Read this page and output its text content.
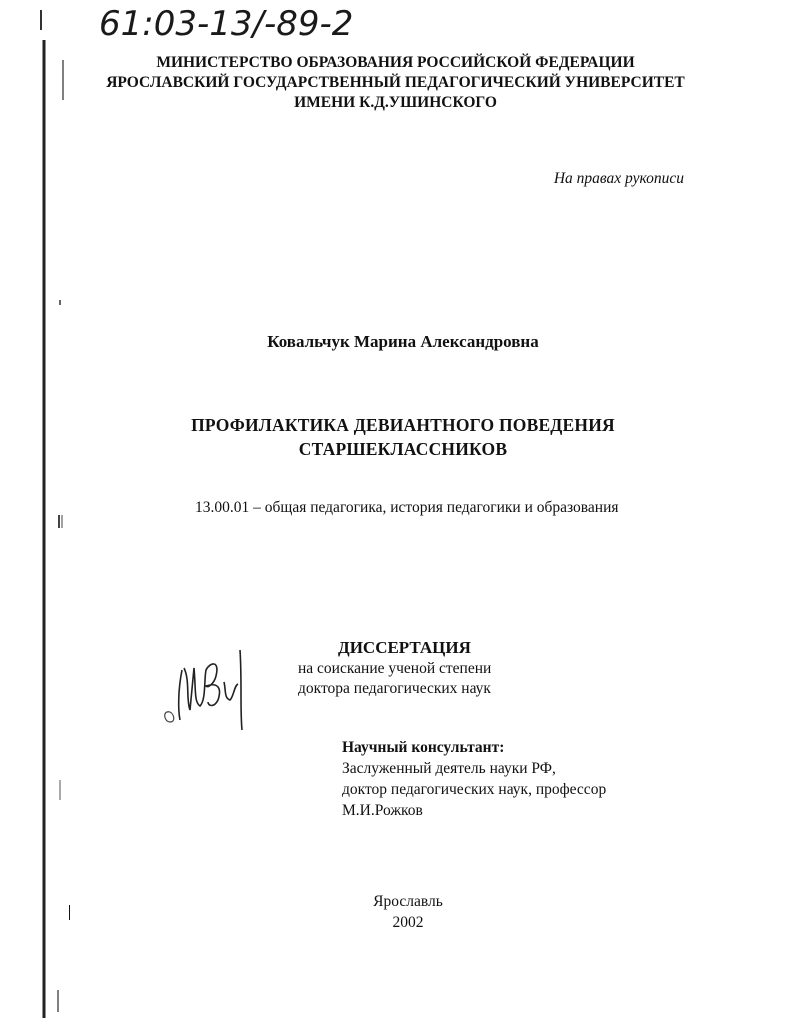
61:03-13/-89-2
МИНИСТЕРСТВО ОБРАЗОВАНИЯ РОССИЙСКОЙ ФЕДЕРАЦИИ
ЯРОСЛАВСКИЙ ГОСУДАРСТВЕННЫЙ ПЕДАГОГИЧЕСКИЙ УНИВЕРСИТЕТ
ИМЕНИ К.Д.УШИНСКОГО
На правах рукописи
Ковальчук Марина Александровна
ПРОФИЛАКТИКА ДЕВИАНТНОГО ПОВЕДЕНИЯ
СТАРШЕКЛАССНИКОВ
13.00.01 – общая педагогика, история педагогики и образования
ДИССЕРТАЦИЯ
на соискание ученой степени
доктора педагогических наук
Научный консультант:
Заслуженный деятель науки РФ,
доктор педагогических наук, профессор
М.И.Рожков
Ярославль
2002
